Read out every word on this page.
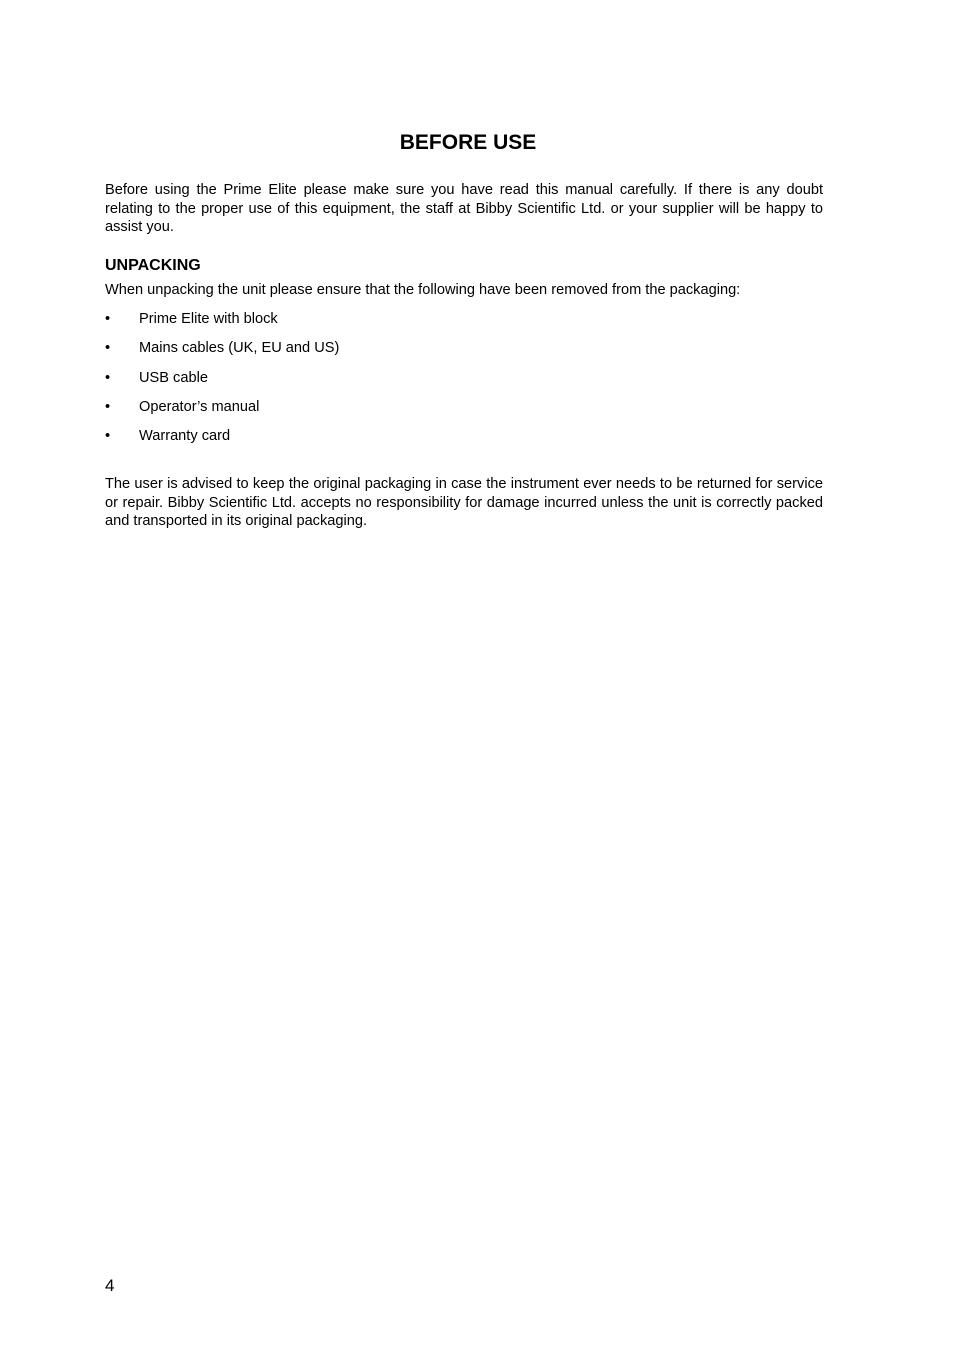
BEFORE USE

Before using the Prime Elite please make sure you have read this manual carefully. If there is any doubt relating to the proper use of this equipment, the staff at Bibby Scientific Ltd. or your supplier will be happy to assist you.

UNPACKING

When unpacking the unit please ensure that the following have been removed from the packaging:

•	Prime Elite with block
•	Mains cables (UK, EU and US)
•	USB cable
•	Operator’s manual
•	Warranty card

The user is advised to keep the original packaging in case the instrument ever needs to be returned for service or repair. Bibby Scientific Ltd. accepts no responsibility for damage incurred unless the unit is correctly packed and transported in its original packaging.

4
